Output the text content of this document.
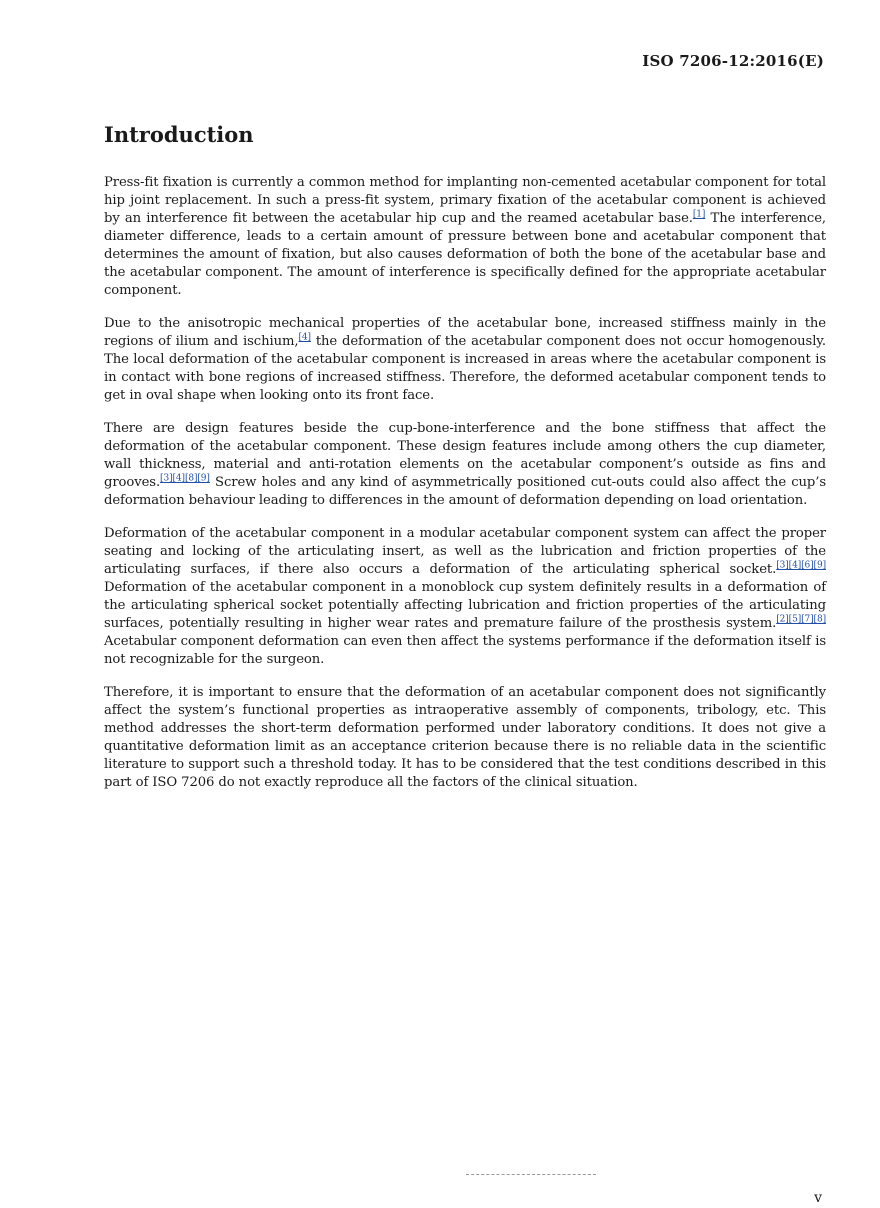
ISO 7206-12:2016(E)
Introduction

Press-fit fixation is currently a common method for implanting non-cemented acetabular component for total hip joint replacement. In such a press-fit system, primary fixation of the acetabular component is achieved by an interference fit between the acetabular hip cup and the reamed acetabular base.[1] The interference, diameter difference, leads to a certain amount of pressure between bone and acetabular component that determines the amount of fixation, but also causes deformation of both the bone of the acetabular base and the acetabular component. The amount of interference is specifically defined for the appropriate acetabular component.

Due to the anisotropic mechanical properties of the acetabular bone, increased stiffness mainly in the regions of ilium and ischium,[4] the deformation of the acetabular component does not occur homogenously. The local deformation of the acetabular component is increased in areas where the acetabular component is in contact with bone regions of increased stiffness. Therefore, the deformed acetabular component tends to get in oval shape when looking onto its front face.

There are design features beside the cup-bone-interference and the bone stiffness that affect the deformation of the acetabular component. These design features include among others the cup diameter, wall thickness, material and anti-rotation elements on the acetabular component’s outside as fins and grooves.[3][4][8][9] Screw holes and any kind of asymmetrically positioned cut-outs could also affect the cup’s deformation behaviour leading to differences in the amount of deformation depending on load orientation.

Deformation of the acetabular component in a modular acetabular component system can affect the proper seating and locking of the articulating insert, as well as the lubrication and friction properties of the articulating surfaces, if there also occurs a deformation of the articulating spherical socket.[3][4][6][9] Deformation of the acetabular component in a monoblock cup system definitely results in a deformation of the articulating spherical socket potentially affecting lubrication and friction properties of the articulating surfaces, potentially resulting in higher wear rates and premature failure of the prosthesis system.[2][5][7][8] Acetabular component deformation can even then affect the systems performance if the deformation itself is not recognizable for the surgeon.

Therefore, it is important to ensure that the deformation of an acetabular component does not significantly affect the system’s functional properties as intraoperative assembly of components, tribology, etc. This method addresses the short-term deformation performed under laboratory conditions. It does not give a quantitative deformation limit as an acceptance criterion because there is no reliable data in the scientific literature to support such a threshold today. It has to be considered that the test conditions described in this part of ISO 7206 do not exactly reproduce all the factors of the clinical situation.

v
